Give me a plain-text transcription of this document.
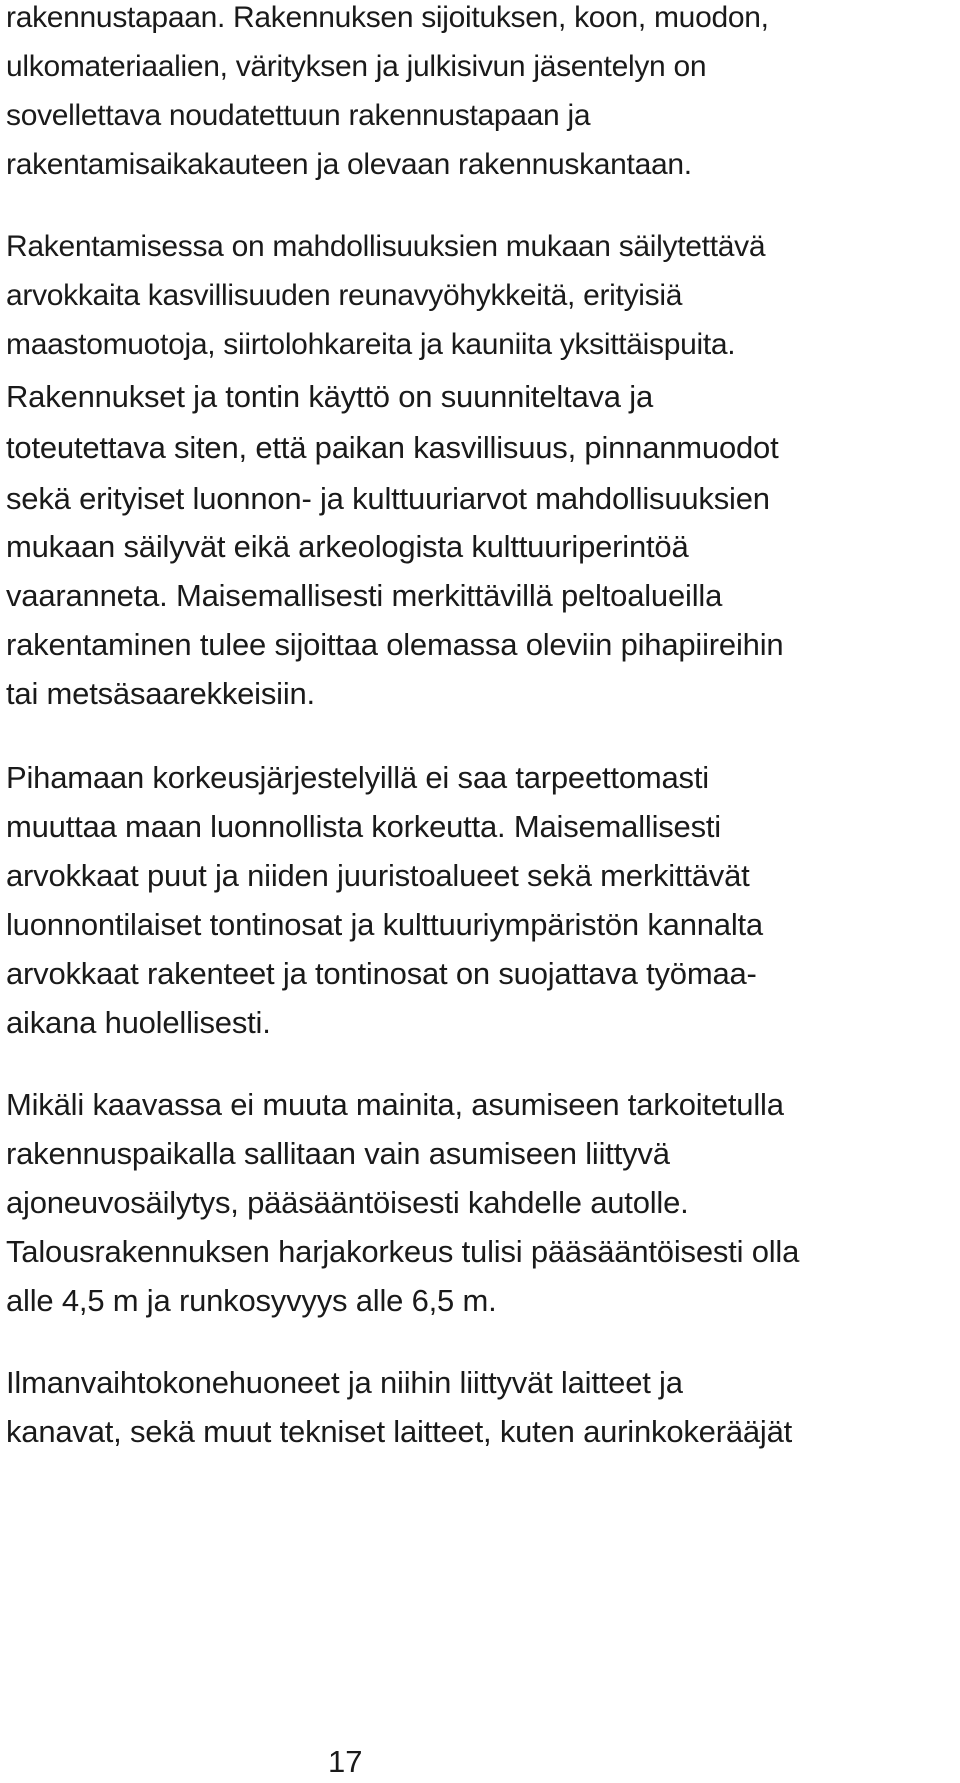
rakennustapaan. Rakennuksen sijoituksen, koon, muodon,
ulkomateriaalien, värityksen ja julkisivun jäsentelyn on
sovellettava noudatettuun rakennustapaan ja
rakentamisaikakauteen ja olevaan rakennuskantaan.
Rakentamisessa on mahdollisuuksien mukaan säilytettävä
arvokkaita kasvillisuuden reunavyöhykkeitä, erityisiä
maastomuotoja, siirtolohkareita ja kauniita yksittäispuita.
Rakennukset ja tontin käyttö on suunniteltava ja
toteutettava siten, että paikan kasvillisuus, pinnanmuodot
sekä erityiset luonnon- ja kulttuuriarvot mahdollisuuksien
mukaan säilyvät eikä arkeologista kulttuuriperintöä
vaaranneta. Maisemallisesti merkittävillä peltoalueilla
rakentaminen tulee sijoittaa olemassa oleviin pihapiireihin
tai metsäsaarekkeisiin.
Pihamaan korkeusjärjestelyillä ei saa tarpeettomasti
muuttaa maan luonnollista korkeutta. Maisemallisesti
arvokkaat puut ja niiden juuristoalueet sekä merkittävät
luonnontilaiset tontinosat ja kulttuuriympäristön kannalta
arvokkaat rakenteet ja tontinosat on suojattava työmaa-
aikana huolellisesti.
Mikäli kaavassa ei muuta mainita, asumiseen tarkoitetulla
rakennuspaikalla sallitaan vain asumiseen liittyvä
ajoneuvosäilytys, pääsääntöisesti kahdelle autolle.
Talousrakennuksen harjakorkeus tulisi pääsääntöisesti olla
alle 4,5 m ja runkosyvyys alle 6,5 m.
Ilmanvaihtokonehuoneet ja niihin liittyvät laitteet ja
kanavat, sekä muut tekniset laitteet, kuten aurinkokerääjät
17
